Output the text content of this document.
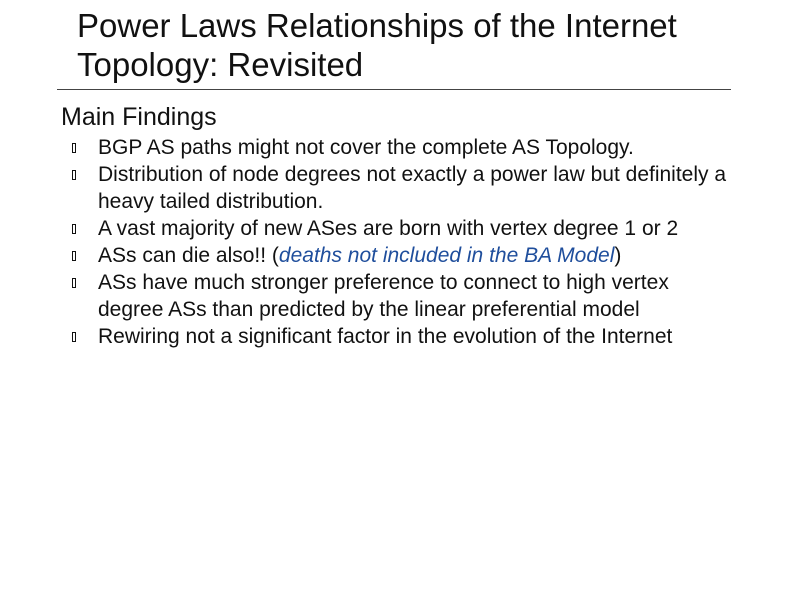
Power Laws Relationships of the Internet
Topology: Revisited
Main Findings
BGP AS paths might not cover the complete AS Topology.
Distribution of node degrees not exactly a power law but definitely a heavy tailed distribution.
A vast majority of new ASes are born with vertex degree 1 or 2
ASs can die also!! (deaths not included in the BA Model)
ASs have much stronger preference to connect to high vertex degree ASs than predicted by the linear preferential model
Rewiring not a significant factor in the evolution of the Internet
